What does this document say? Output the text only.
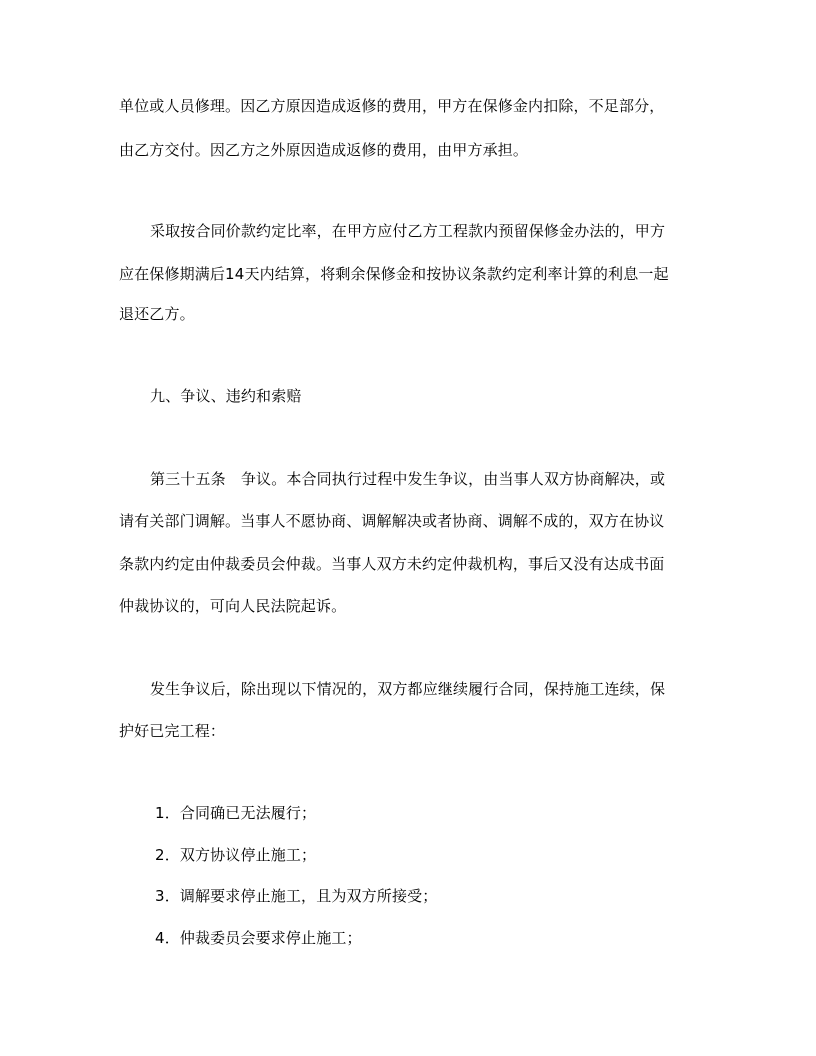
单位或人员修理。因乙方原因造成返修的费用，甲方在保修金内扣除，不足部分，
由乙方交付。因乙方之外原因造成返修的费用，由甲方承担。
采取按合同价款约定比率，在甲方应付乙方工程款内预留保修金办法的，甲方
应在保修期满后14天内结算，将剩余保修金和按协议条款约定利率计算的利息一起
退还乙方。
九、争议、违约和索赔
第三十五条　争议。本合同执行过程中发生争议，由当事人双方协商解决，或
请有关部门调解。当事人不愿协商、调解解决或者协商、调解不成的，双方在协议
条款内约定由仲裁委员会仲裁。当事人双方未约定仲裁机构，事后又没有达成书面
仲裁协议的，可向人民法院起诉。
发生争议后，除出现以下情况的，双方都应继续履行合同，保持施工连续，保
护好已完工程：
1．合同确已无法履行；
2．双方协议停止施工；
3．调解要求停止施工，且为双方所接受；
4．仲裁委员会要求停止施工；
